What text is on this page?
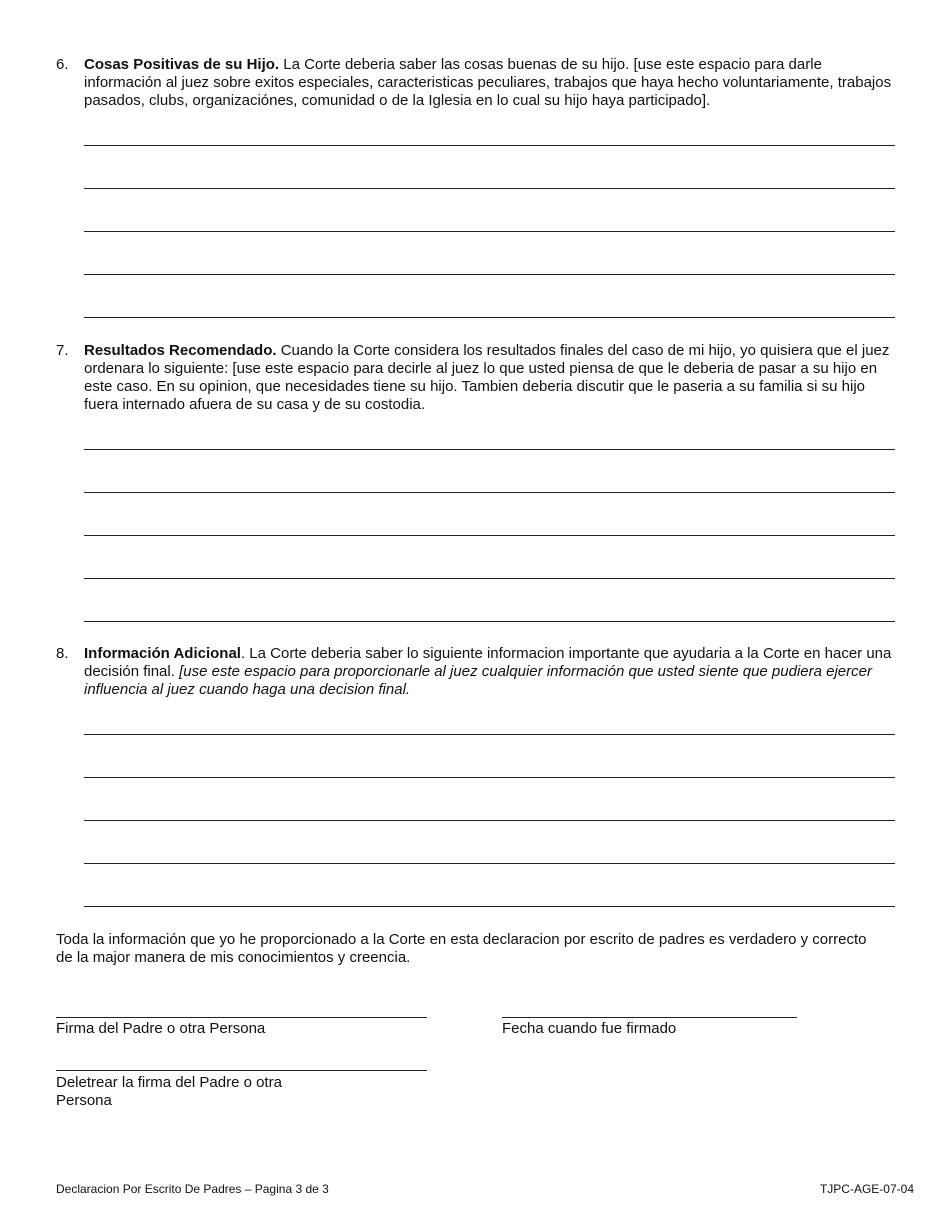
6.	Cosas Positivas de su Hijo. La Corte deberia saber las cosas buenas de su hijo. [use este espacio para darle información al juez sobre exitos especiales, caracteristicas peculiares, trabajos que haya hecho voluntariamente, trabajos pasados, clubs, organizaciónes, comunidad o de la Iglesia en lo cual su hijo haya participado].
7.	Resultados Recomendado. Cuando la Corte considera los resultados finales del caso de mi hijo, yo quisiera que el juez ordenara lo siguiente: [use este espacio para decirle al juez lo que usted piensa de que le deberia de pasar a su hijo en este caso. En su opinion, que necesidades tiene su hijo. Tambien deberia discutir que le paseria a su familia si su hijo fuera internado afuera de su casa y de su costodia.
8.	Información Adicional. La Corte deberia saber lo siguiente informacion importante que ayudaria a la Corte en hacer una decisión final. [use este espacio para proporcionarle al juez cualquier información que usted siente que pudiera ejercer influencia al juez cuando haga una decision final.
Toda la información que yo he proporcionado a la Corte en esta declaracion por escrito de padres es verdadero y correcto de la major manera de mis conocimientos y creencia.
Firma del Padre o otra Persona	Fecha cuando fue firmado
Deletrear la firma del Padre o otra Persona
Declaracion Por Escrito De Padres – Pagina 3 de 3	TJPC-AGE-07-04
